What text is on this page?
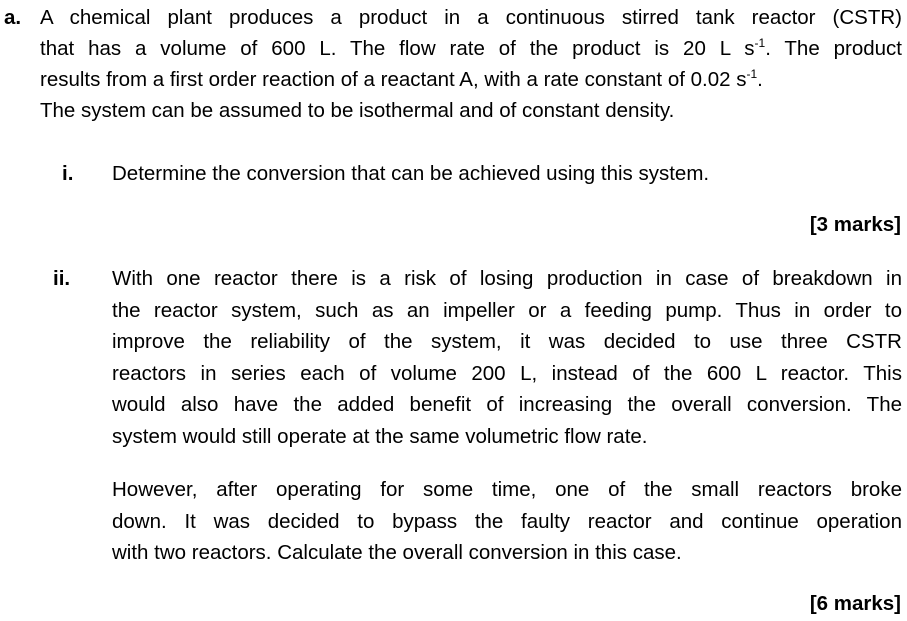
a. A chemical plant produces a product in a continuous stirred tank reactor (CSTR)
that has a volume of 600 L. The flow rate of the product is 20 L $s^{-1}$. The product
results from a first order reaction of a reactant A, with a rate constant of 0.02 $s^{-1}$.
The system can be assumed to be isothermal and of constant density.
i. Determine the conversion that can be achieved using this system.
[3 marks]
ii. With one reactor there is a risk of losing production in case of breakdown in
the reactor system, such as an impeller or a feeding pump. Thus in order to
improve the reliability of the system, it was decided to use three CSTR
reactors in series each of volume 200 L, instead of the 600 L reactor. This
would also have the added benefit of increasing the overall conversion. The
system would still operate at the same volumetric flow rate.
However, after operating for some time, one of the small reactors broke
down. It was decided to bypass the faulty reactor and continue operation
with two reactors. Calculate the overall conversion in this case.
[6 marks]
